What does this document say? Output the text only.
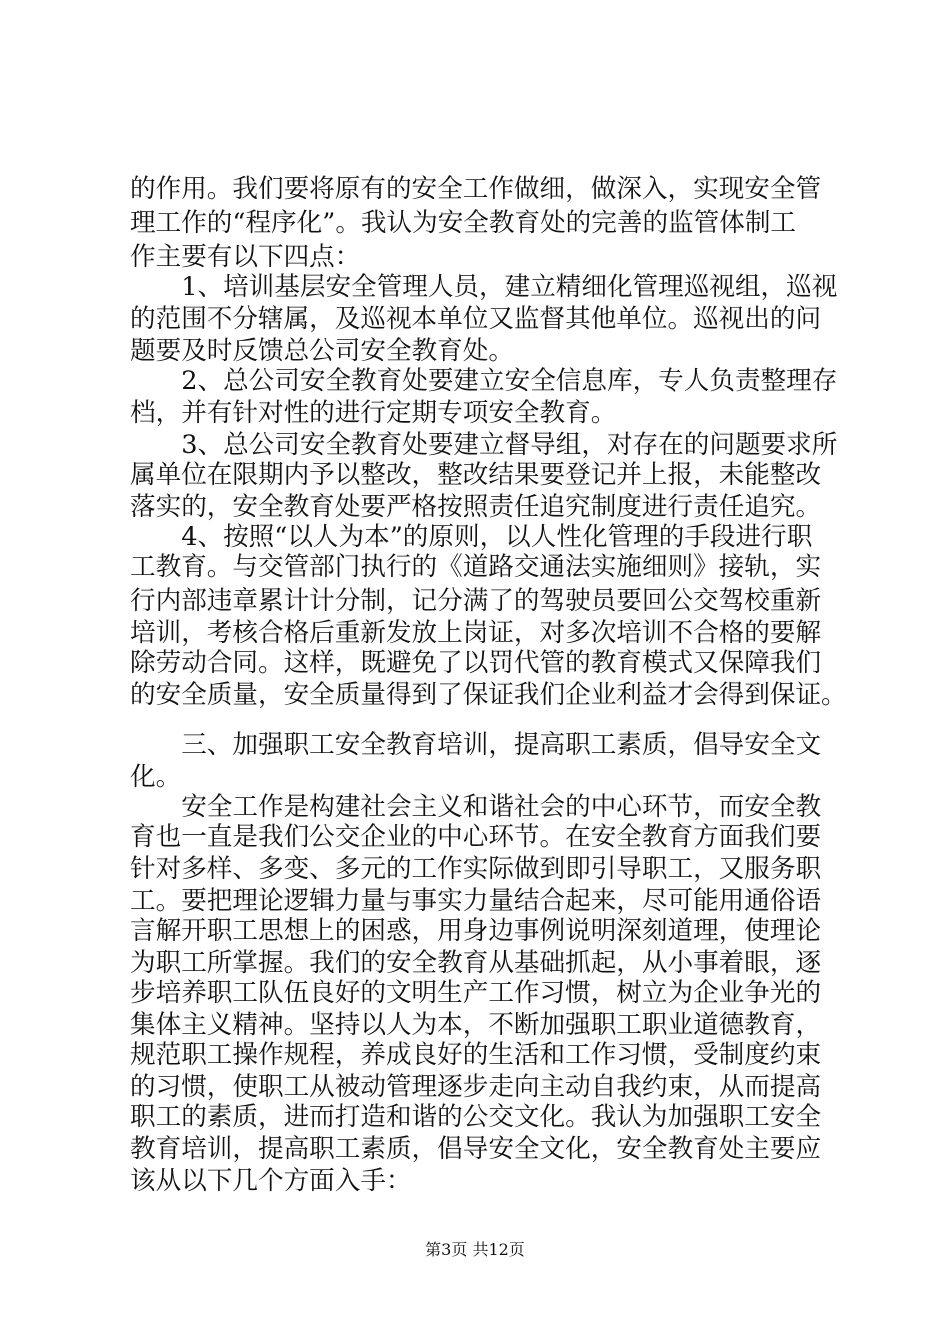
的作用。我们要将原有的安全工作做细，做深入，实现安全管
理工作的“程序化”。我认为安全教育处的完善的监管体制工
作主要有以下四点：
　　1、培训基层安全管理人员，建立精细化管理巡视组，巡视
的范围不分辖属，及巡视本单位又监督其他单位。巡视出的问
题要及时反馈总公司安全教育处。
　　2、总公司安全教育处要建立安全信息库，专人负责整理存
档，并有针对性的进行定期专项安全教育。
　　3、总公司安全教育处要建立督导组，对存在的问题要求所
属单位在限期内予以整改，整改结果要登记并上报，未能整改
落实的，安全教育处要严格按照责任追究制度进行责任追究。
　　4、按照“以人为本”的原则，以人性化管理的手段进行职
工教育。与交管部门执行的《道路交通法实施细则》接轨，实
行内部违章累计计分制，记分满了的驾驶员要回公交驾校重新
培训，考核合格后重新发放上岗证，对多次培训不合格的要解
除劳动合同。这样，既避免了以罚代管的教育模式又保障我们
的安全质量，安全质量得到了保证我们企业利益才会得到保证。
　　三、加强职工安全教育培训，提高职工素质，倡导安全文
化。
　　安全工作是构建社会主义和谐社会的中心环节，而安全教
育也一直是我们公交企业的中心环节。在安全教育方面我们要
针对多样、多变、多元的工作实际做到即引导职工，又服务职
工。要把理论逻辑力量与事实力量结合起来，尽可能用通俗语
言解开职工思想上的困惑，用身边事例说明深刻道理，使理论
为职工所掌握。我们的安全教育从基础抓起，从小事着眼，逐
步培养职工队伍良好的文明生产工作习惯，树立为企业争光的
集体主义精神。坚持以人为本，不断加强职工职业道德教育，
规范职工操作规程，养成良好的生活和工作习惯，受制度约束
的习惯，使职工从被动管理逐步走向主动自我约束，从而提高
职工的素质，进而打造和谐的公交文化。我认为加强职工安全
教育培训，提高职工素质，倡导安全文化，安全教育处主要应
该从以下几个方面入手：
第3页 共12页
